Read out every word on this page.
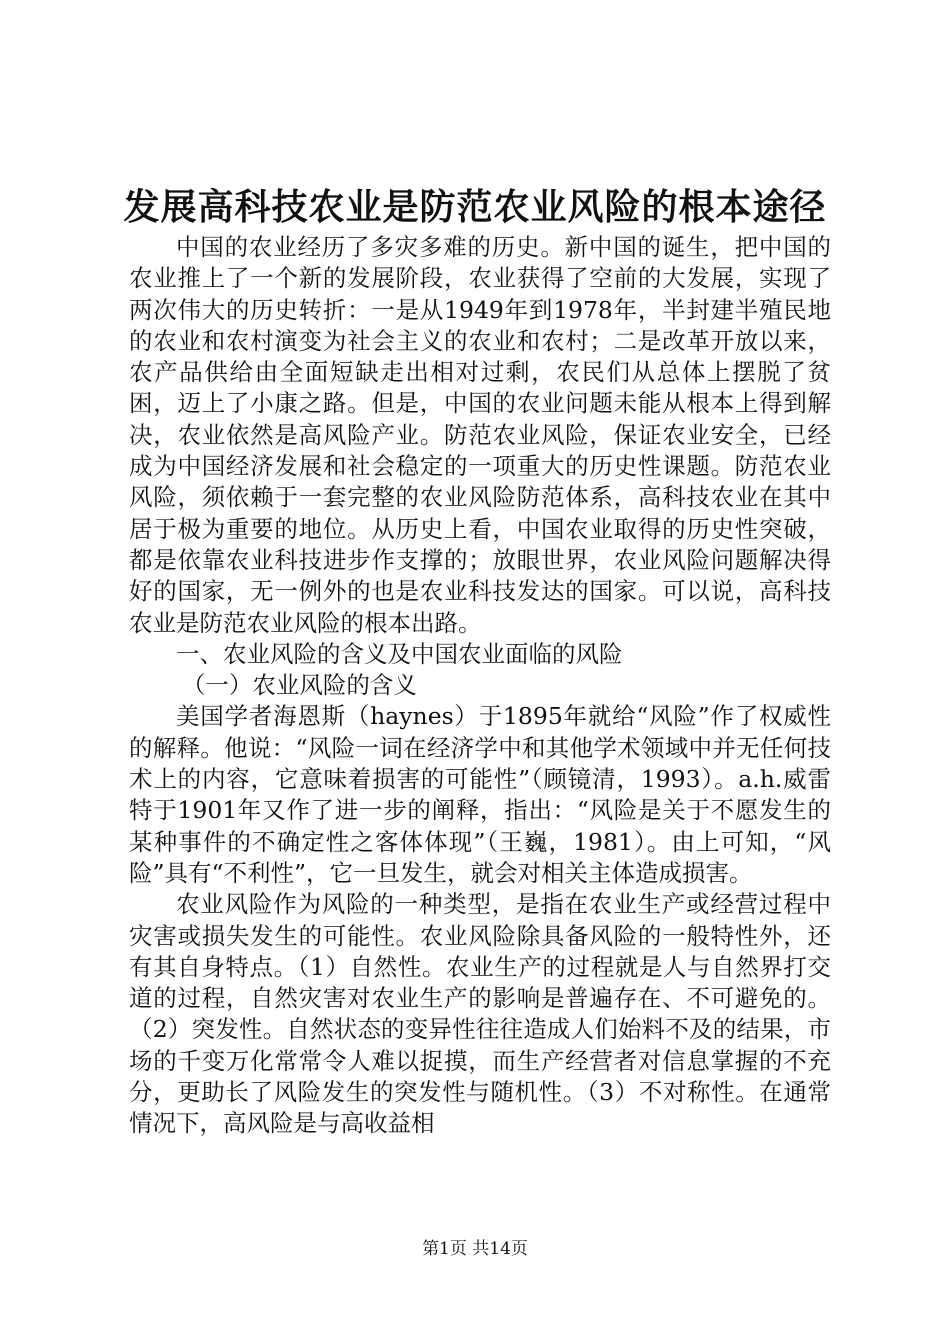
发展高科技农业是防范农业风险的根本途径

中国的农业经历了多灾多难的历史。新中国的诞生，把中国的农业推上了一个新的发展阶段，农业获得了空前的大发展，实现了两次伟大的历史转折：一是从1949年到1978年，半封建半殖民地的农业和农村演变为社会主义的农业和农村；二是改革开放以来，农产品供给由全面短缺走出相对过剩，农民们从总体上摆脱了贫困，迈上了小康之路。但是，中国的农业问题未能从根本上得到解决，农业依然是高风险产业。防范农业风险，保证农业安全，已经成为中国经济发展和社会稳定的一项重大的历史性课题。防范农业风险，须依赖于一套完整的农业风险防范体系，高科技农业在其中居于极为重要的地位。从历史上看，中国农业取得的历史性突破，都是依靠农业科技进步作支撑的；放眼世界，农业风险问题解决得好的国家，无一例外的也是农业科技发达的国家。可以说，高科技农业是防范农业风险的根本出路。

一、农业风险的含义及中国农业面临的风险

（一）农业风险的含义

美国学者海恩斯（haynes）于1895年就给“风险”作了权威性的解释。他说：“风险一词在经济学中和其他学术领域中并无任何技术上的内容，它意味着损害的可能性”（顾镜清，1993）。a.h.威雷特于1901年又作了进一步的阐释，指出：“风险是关于不愿发生的某种事件的不确定性之客体体现”（王巍，1981）。由上可知，“风险”具有“不利性”，它一旦发生，就会对相关主体造成损害。

农业风险作为风险的一种类型，是指在农业生产或经营过程中灾害或损失发生的可能性。农业风险除具备风险的一般特性外，还有其自身特点。（1）自然性。农业生产的过程就是人与自然界打交道的过程，自然灾害对农业生产的影响是普遍存在、不可避免的。（2）突发性。自然状态的变异性往往造成人们始料不及的结果，市场的千变万化常常令人难以捉摸，而生产经营者对信息掌握的不充分，更助长了风险发生的突发性与随机性。（3）不对称性。在通常情况下，高风险是与高收益相

第1页 共14页
